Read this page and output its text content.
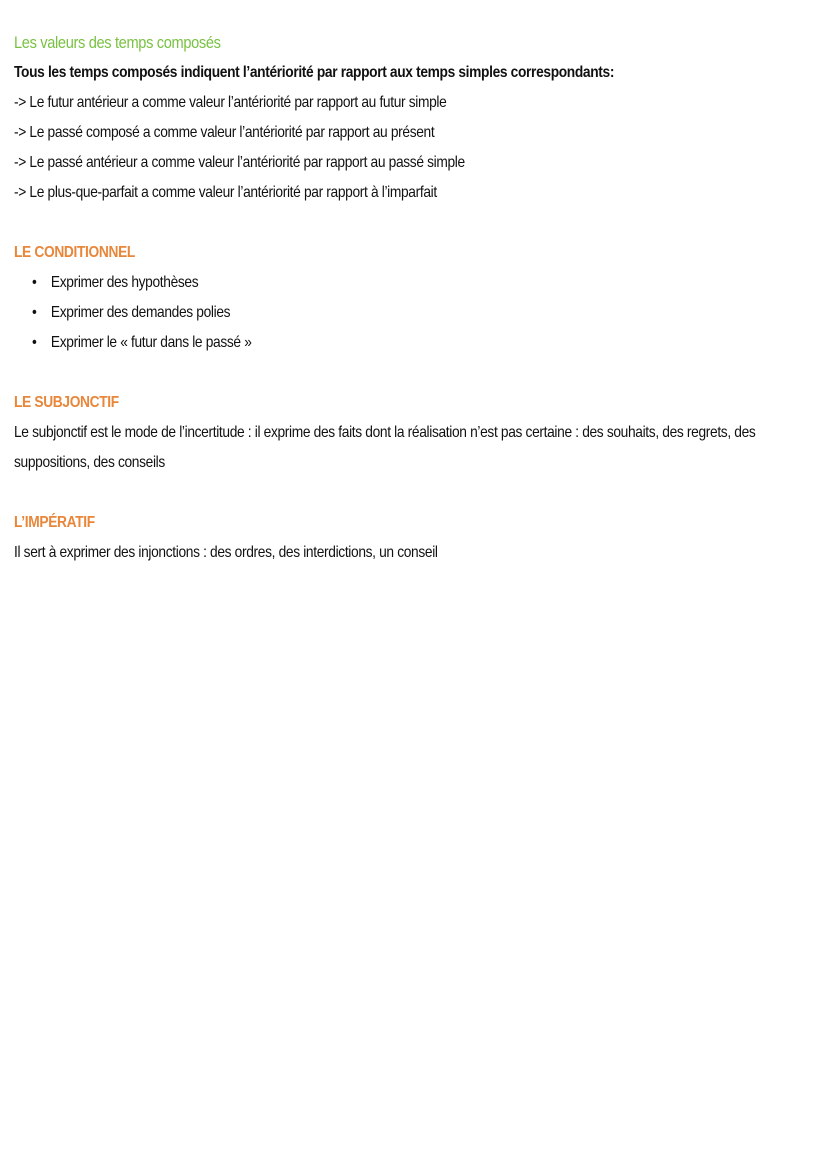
Les valeurs des temps composés
Tous les temps composés indiquent l’antériorité par rapport aux temps simples correspondants:
-> Le futur antérieur a comme valeur l’antériorité par rapport au futur simple
-> Le passé composé a comme valeur l’antériorité par rapport au présent
-> Le passé antérieur a comme valeur l’antériorité par rapport au passé simple
-> Le plus-que-parfait a comme valeur l’antériorité par rapport à l’imparfait
LE CONDITIONNEL
• Exprimer des hypothèses
• Exprimer des demandes polies
• Exprimer le « futur dans le passé »
LE SUBJONCTIF
Le subjonctif est le mode de l’incertitude : il exprime des faits dont la réalisation n’est pas certaine : des souhaits, des regrets, des suppositions, des conseils
L’IMPÉRATIF
Il sert à exprimer des injonctions : des ordres, des interdictions, un conseil
